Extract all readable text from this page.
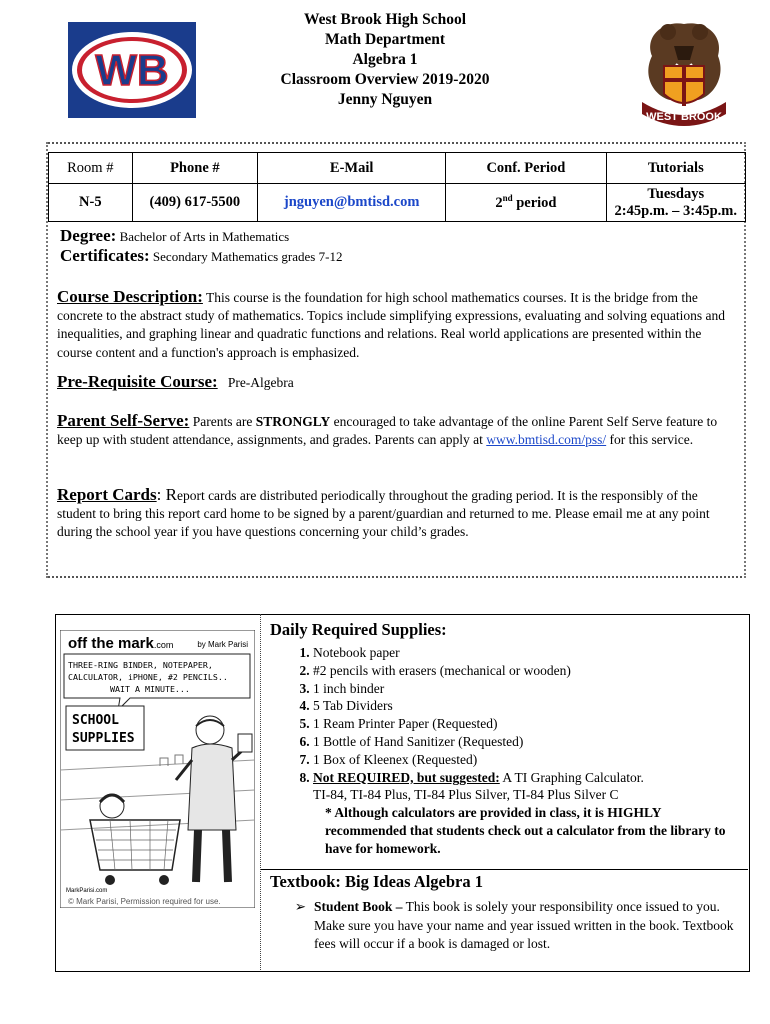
WB
West Brook High School
Math Department
Algebra 1
Classroom Overview 2019-2020
Jenny Nguyen
WEST BROOK
Room #	Phone #	E-Mail	Conf. Period	Tutorials
N-5	(409) 617-5500	jnguyen@bmtisd.com	2nd period	Tuesdays
2:45p.m. – 3:45p.m.
Degree: Bachelor of Arts in Mathematics
Certificates: Secondary Mathematics grades 7-12
Course Description: This course is the foundation for high school mathematics courses. It is the bridge from the concrete to the abstract study of mathematics. Topics include simplifying expressions, evaluating and solving equations and inequalities, and graphing linear and quadratic functions and relations. Real world applications are presented within the course content and a function's approach is emphasized.
Pre-Requisite Course:   Pre-Algebra
Parent Self-Serve: Parents are STRONGLY encouraged to take advantage of the online Parent Self Serve feature to keep up with student attendance, assignments, and grades. Parents can apply at www.bmtisd.com/pss/ for this service.
Report Cards: Report cards are distributed periodically throughout the grading period. It is the responsibly of the student to bring this report card home to be signed by a parent/guardian and returned to me. Please email me at any point during the school year if you have questions concerning your child’s grades.
off the mark.com	by Mark Parisi
THREE-RING BINDER, NOTEPAPER,
CALCULATOR, iPHONE, #2 PENCILS..
WAIT A MINUTE...
SCHOOL
SUPPLIES
MarkParisi.com
© Mark Parisi, Permission required for use.
Daily Required Supplies:
1. Notebook paper
2. #2 pencils with erasers (mechanical or wooden)
3. 1 inch binder
4. 5 Tab Dividers
5. 1 Ream Printer Paper (Requested)
6. 1 Bottle of Hand Sanitizer (Requested)
7. 1 Box of Kleenex (Requested)
8. Not REQUIRED, but suggested: A TI Graphing Calculator.
TI-84, TI-84 Plus, TI-84 Plus Silver, TI-84 Plus Silver C
* Although calculators are provided in class, it is HIGHLY recommended that students check out a calculator from the library to have for homework.
Textbook: Big Ideas Algebra 1
➢ Student Book – This book is solely your responsibility once issued to you. Make sure you have your name and year issued written in the book. Textbook fees will occur if a book is damaged or lost.
